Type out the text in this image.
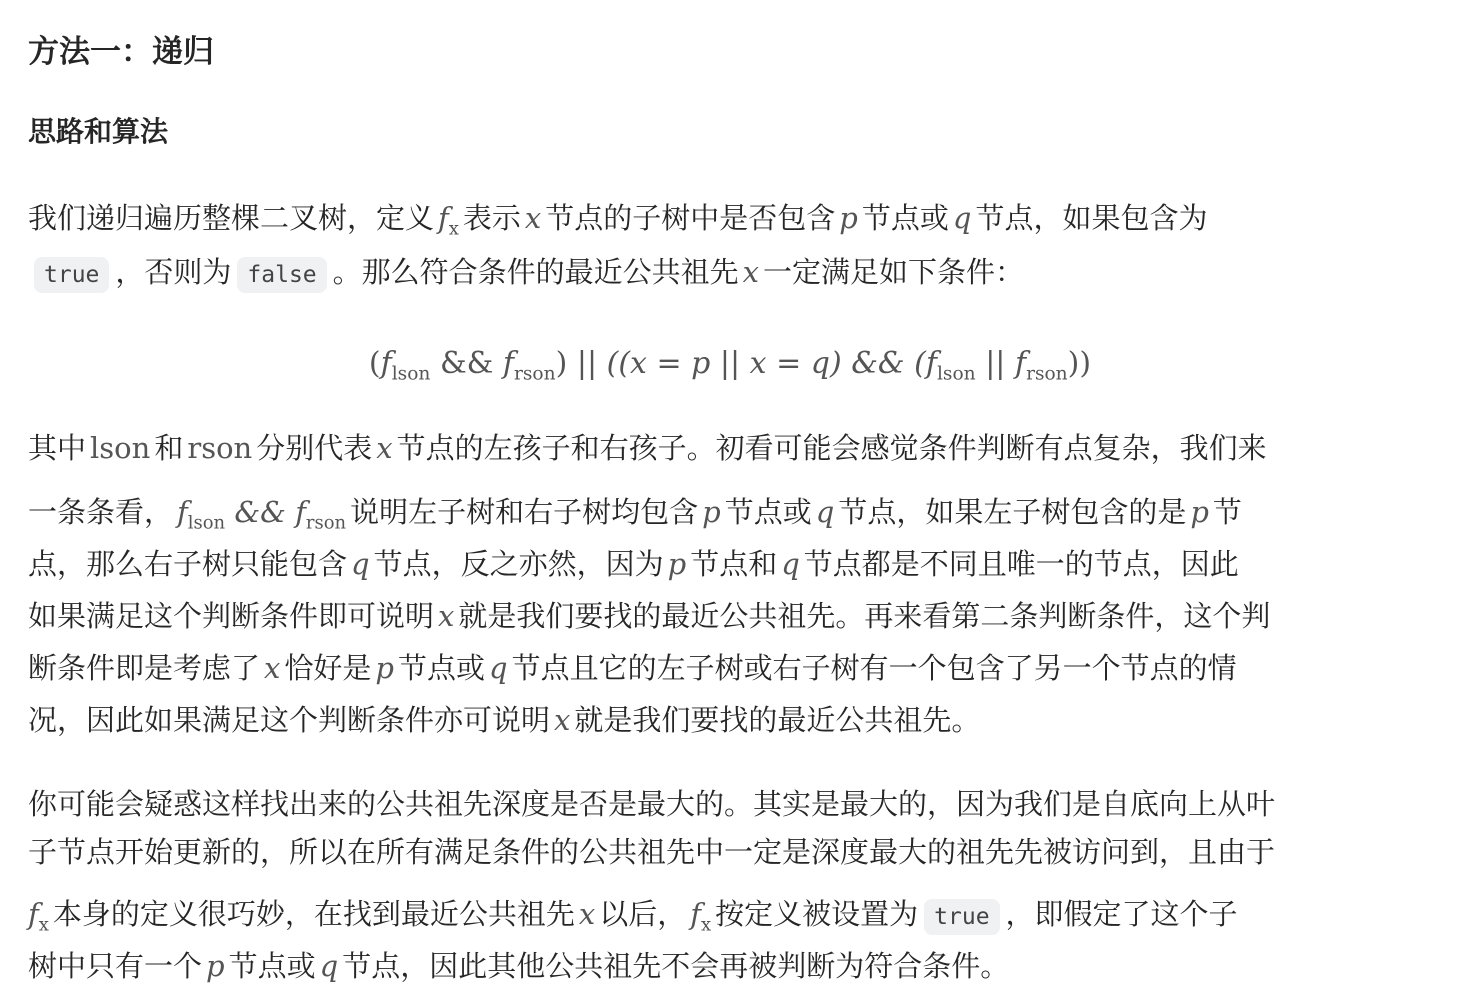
方法一：递归
思路和算法
我们递归遍历整棵二叉树，定义 $f_x$ 表示 x 节点的子树中是否包含 p 节点或 q 节点，如果包含为
true ，否则为 false 。那么符合条件的最近公共祖先 x 一定满足如下条件：
($f_{lson}$ && $f_{rson}$) || ((x = p || x = q) && ($f_{lson}$ || $f_{rson}$))
其中 lson 和 rson 分别代表 x 节点的左孩子和右孩子。初看可能会感觉条件判断有点复杂，我们来
一条条看， $f_{lson}$ && $f_{rson}$ 说明左子树和右子树均包含 p 节点或 q 节点，如果左子树包含的是 p 节
点，那么右子树只能包含 q 节点，反之亦然，因为 p 节点和 q 节点都是不同且唯一的节点，因此
如果满足这个判断条件即可说明 x 就是我们要找的最近公共祖先。再来看第二条判断条件，这个判
断条件即是考虑了 x 恰好是 p 节点或 q 节点且它的左子树或右子树有一个包含了另一个节点的情
况，因此如果满足这个判断条件亦可说明 x 就是我们要找的最近公共祖先。
你可能会疑惑这样找出来的公共祖先深度是否是最大的。其实是最大的，因为我们是自底向上从叶
子节点开始更新的，所以在所有满足条件的公共祖先中一定是深度最大的祖先先被访问到，且由于
$f_x$ 本身的定义很巧妙，在找到最近公共祖先 x 以后， $f_x$ 按定义被设置为 true ，即假定了这个子
树中只有一个 p 节点或 q 节点，因此其他公共祖先不会再被判断为符合条件。
